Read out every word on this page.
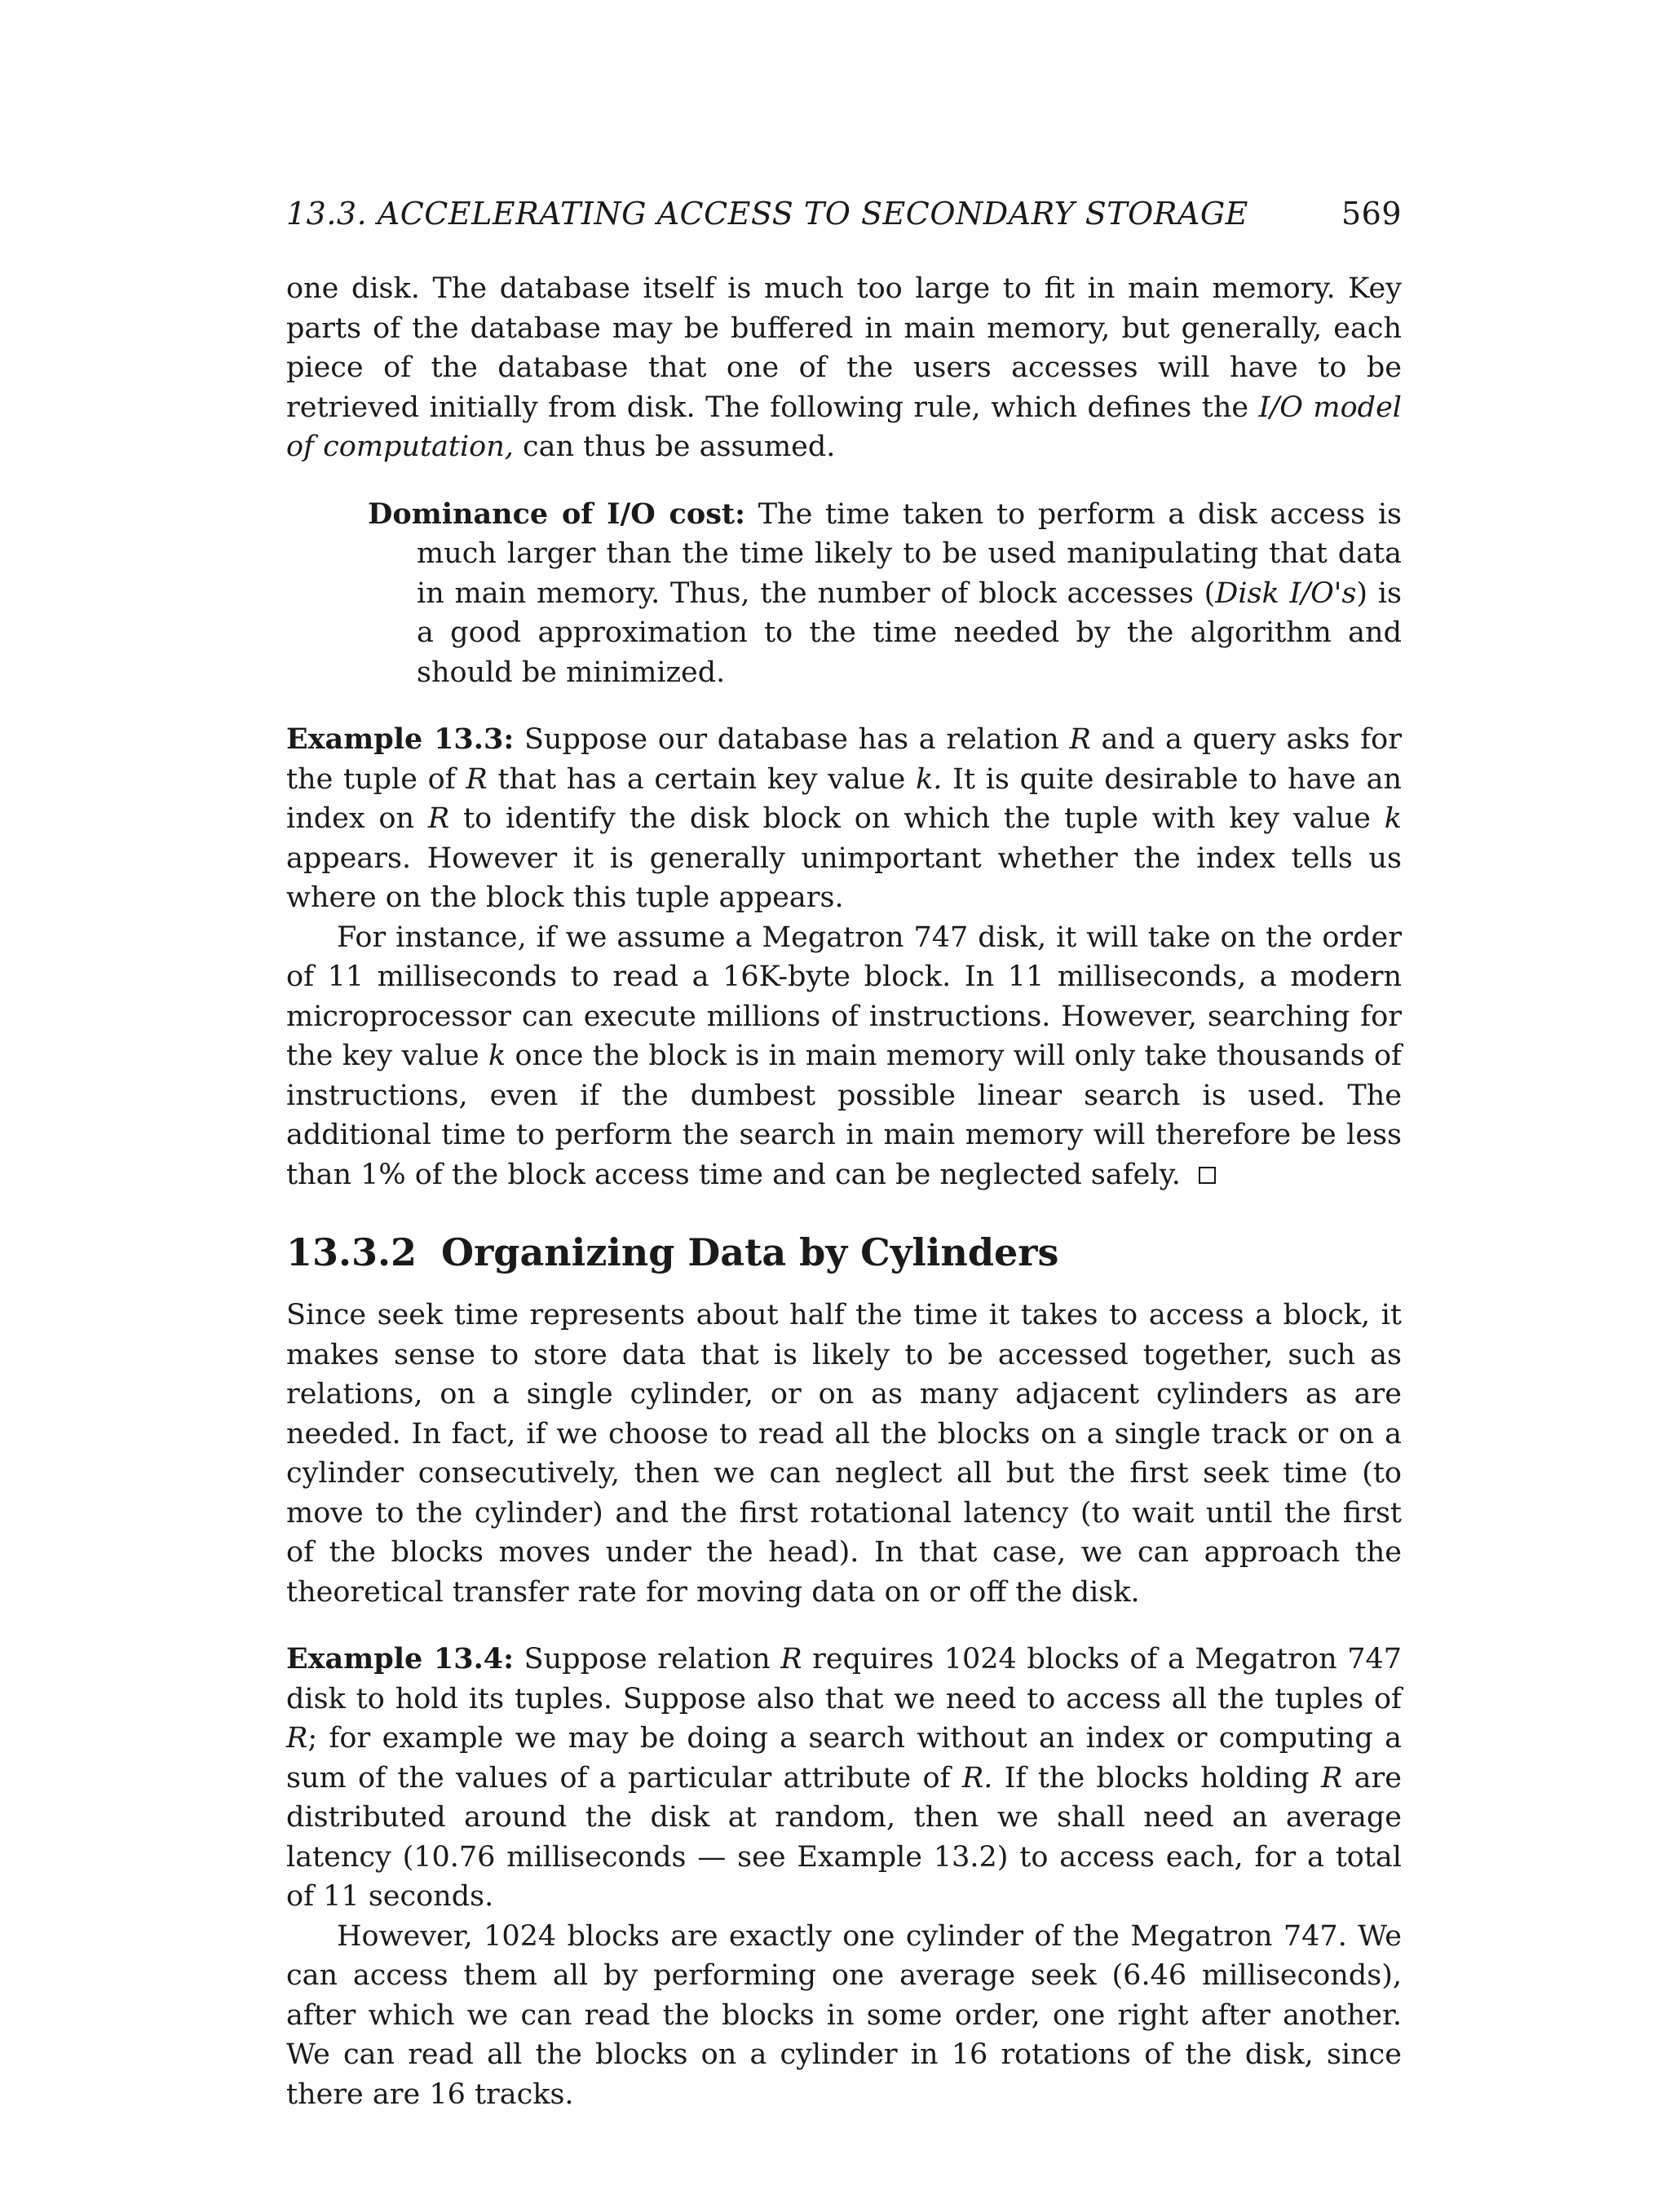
13.3. ACCELERATING ACCESS TO SECONDARY STORAGE	569

one disk. The database itself is much too large to fit in main memory. Key parts of the database may be buffered in main memory, but generally, each piece of the database that one of the users accesses will have to be retrieved initially from disk. The following rule, which defines the I/O model of computation, can thus be assumed.

Dominance of I/O cost: The time taken to perform a disk access is much larger than the time likely to be used manipulating that data in main memory. Thus, the number of block accesses (Disk I/O's) is a good approximation to the time needed by the algorithm and should be minimized.

Example 13.3: Suppose our database has a relation R and a query asks for the tuple of R that has a certain key value k. It is quite desirable to have an index on R to identify the disk block on which the tuple with key value k appears. However it is generally unimportant whether the index tells us where on the block this tuple appears.

For instance, if we assume a Megatron 747 disk, it will take on the order of 11 milliseconds to read a 16K-byte block. In 11 milliseconds, a modern microprocessor can execute millions of instructions. However, searching for the key value k once the block is in main memory will only take thousands of instructions, even if the dumbest possible linear search is used. The additional time to perform the search in main memory will therefore be less than 1% of the block access time and can be neglected safely.

13.3.2 Organizing Data by Cylinders

Since seek time represents about half the time it takes to access a block, it makes sense to store data that is likely to be accessed together, such as relations, on a single cylinder, or on as many adjacent cylinders as are needed. In fact, if we choose to read all the blocks on a single track or on a cylinder consecutively, then we can neglect all but the first seek time (to move to the cylinder) and the first rotational latency (to wait until the first of the blocks moves under the head). In that case, we can approach the theoretical transfer rate for moving data on or off the disk.

Example 13.4: Suppose relation R requires 1024 blocks of a Megatron 747 disk to hold its tuples. Suppose also that we need to access all the tuples of R; for example we may be doing a search without an index or computing a sum of the values of a particular attribute of R. If the blocks holding R are distributed around the disk at random, then we shall need an average latency (10.76 milliseconds — see Example 13.2) to access each, for a total of 11 seconds.

However, 1024 blocks are exactly one cylinder of the Megatron 747. We can access them all by performing one average seek (6.46 milliseconds), after which we can read the blocks in some order, one right after another. We can read all the blocks on a cylinder in 16 rotations of the disk, since there are 16 tracks.
